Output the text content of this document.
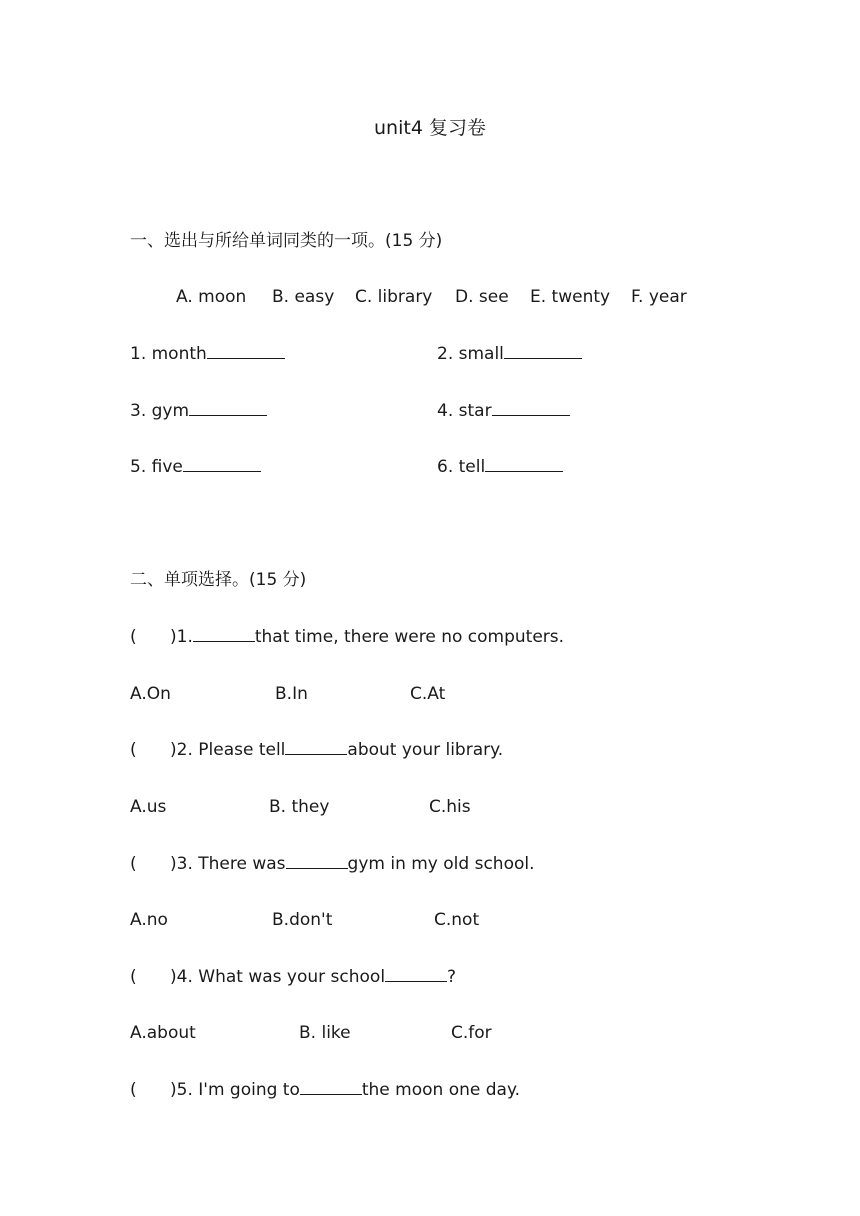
unit4 复习卷
一、选出与所给单词同类的一项。(15 分)
A. moon B. easy C. library D. see E. twenty F. year
1. month	2. small
3. gym	4. star
5. five	6. tell
二、单项选择。(15 分)
( )1.	that time, there were no computers.
A.On	B.In	C.At
( )2. Please tell	about your library.
A.us	B. they	C.his
( )3. There was	gym in my old school.
A.no	B.don't	C.not
( )4. What was your school	?
A.about	B. like	C.for
( )5. I'm going to	the moon one day.
